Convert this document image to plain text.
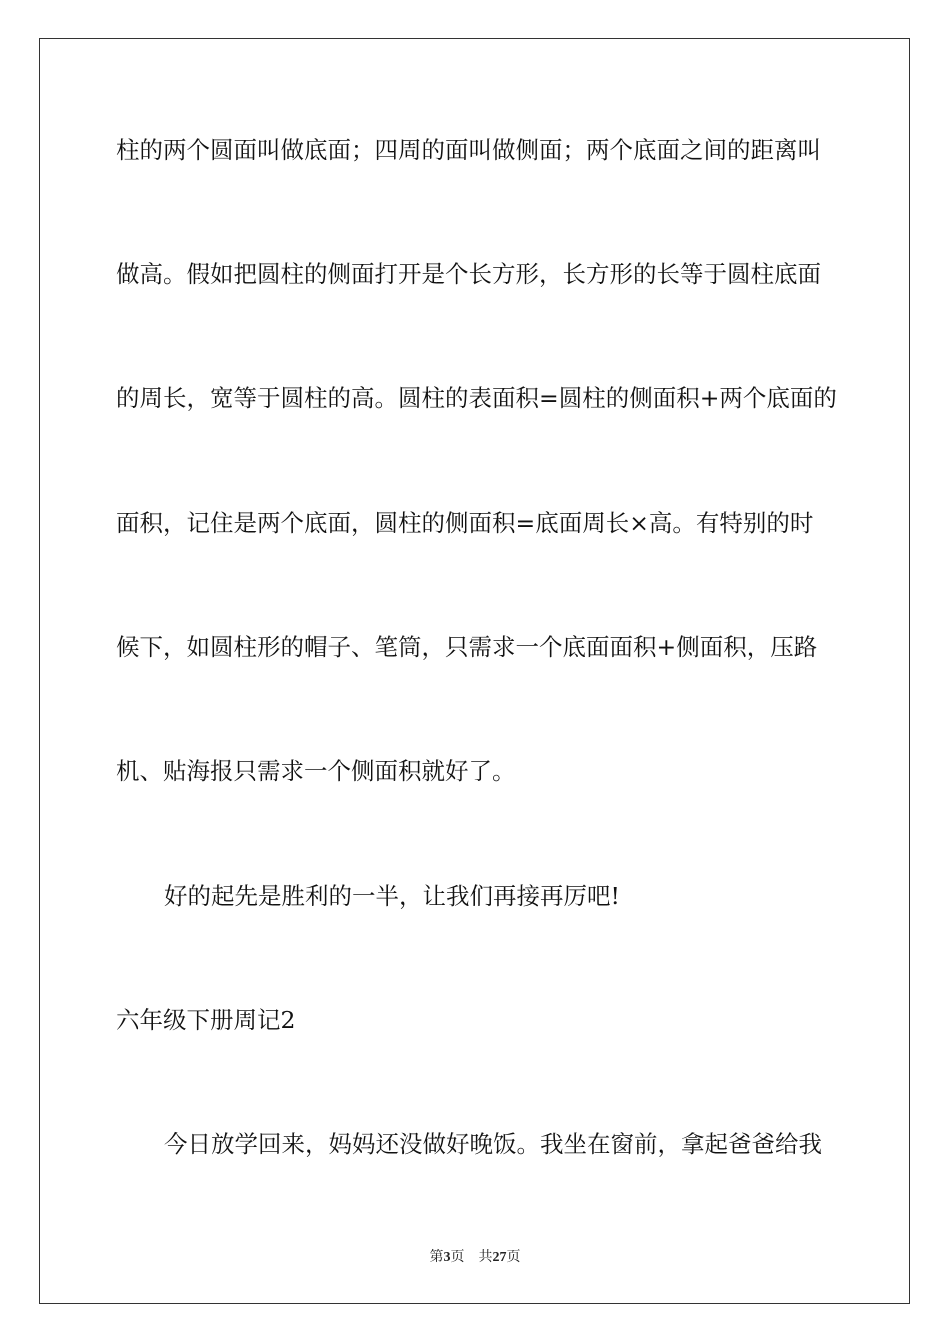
柱的两个圆面叫做底面；四周的面叫做侧面；两个底面之间的距离叫
做高。假如把圆柱的侧面打开是个长方形，长方形的长等于圆柱底面
的周长，宽等于圆柱的高。圆柱的表面积=圆柱的侧面积+两个底面的
面积，记住是两个底面，圆柱的侧面积=底面周长×高。有特别的时
候下，如圆柱形的帽子、笔筒，只需求一个底面面积+侧面积，压路
机、贴海报只需求一个侧面积就好了。
好的起先是胜利的一半，让我们再接再厉吧!
六年级下册周记2
今日放学回来，妈妈还没做好晚饭。我坐在窗前，拿起爸爸给我
第3页 共27页
